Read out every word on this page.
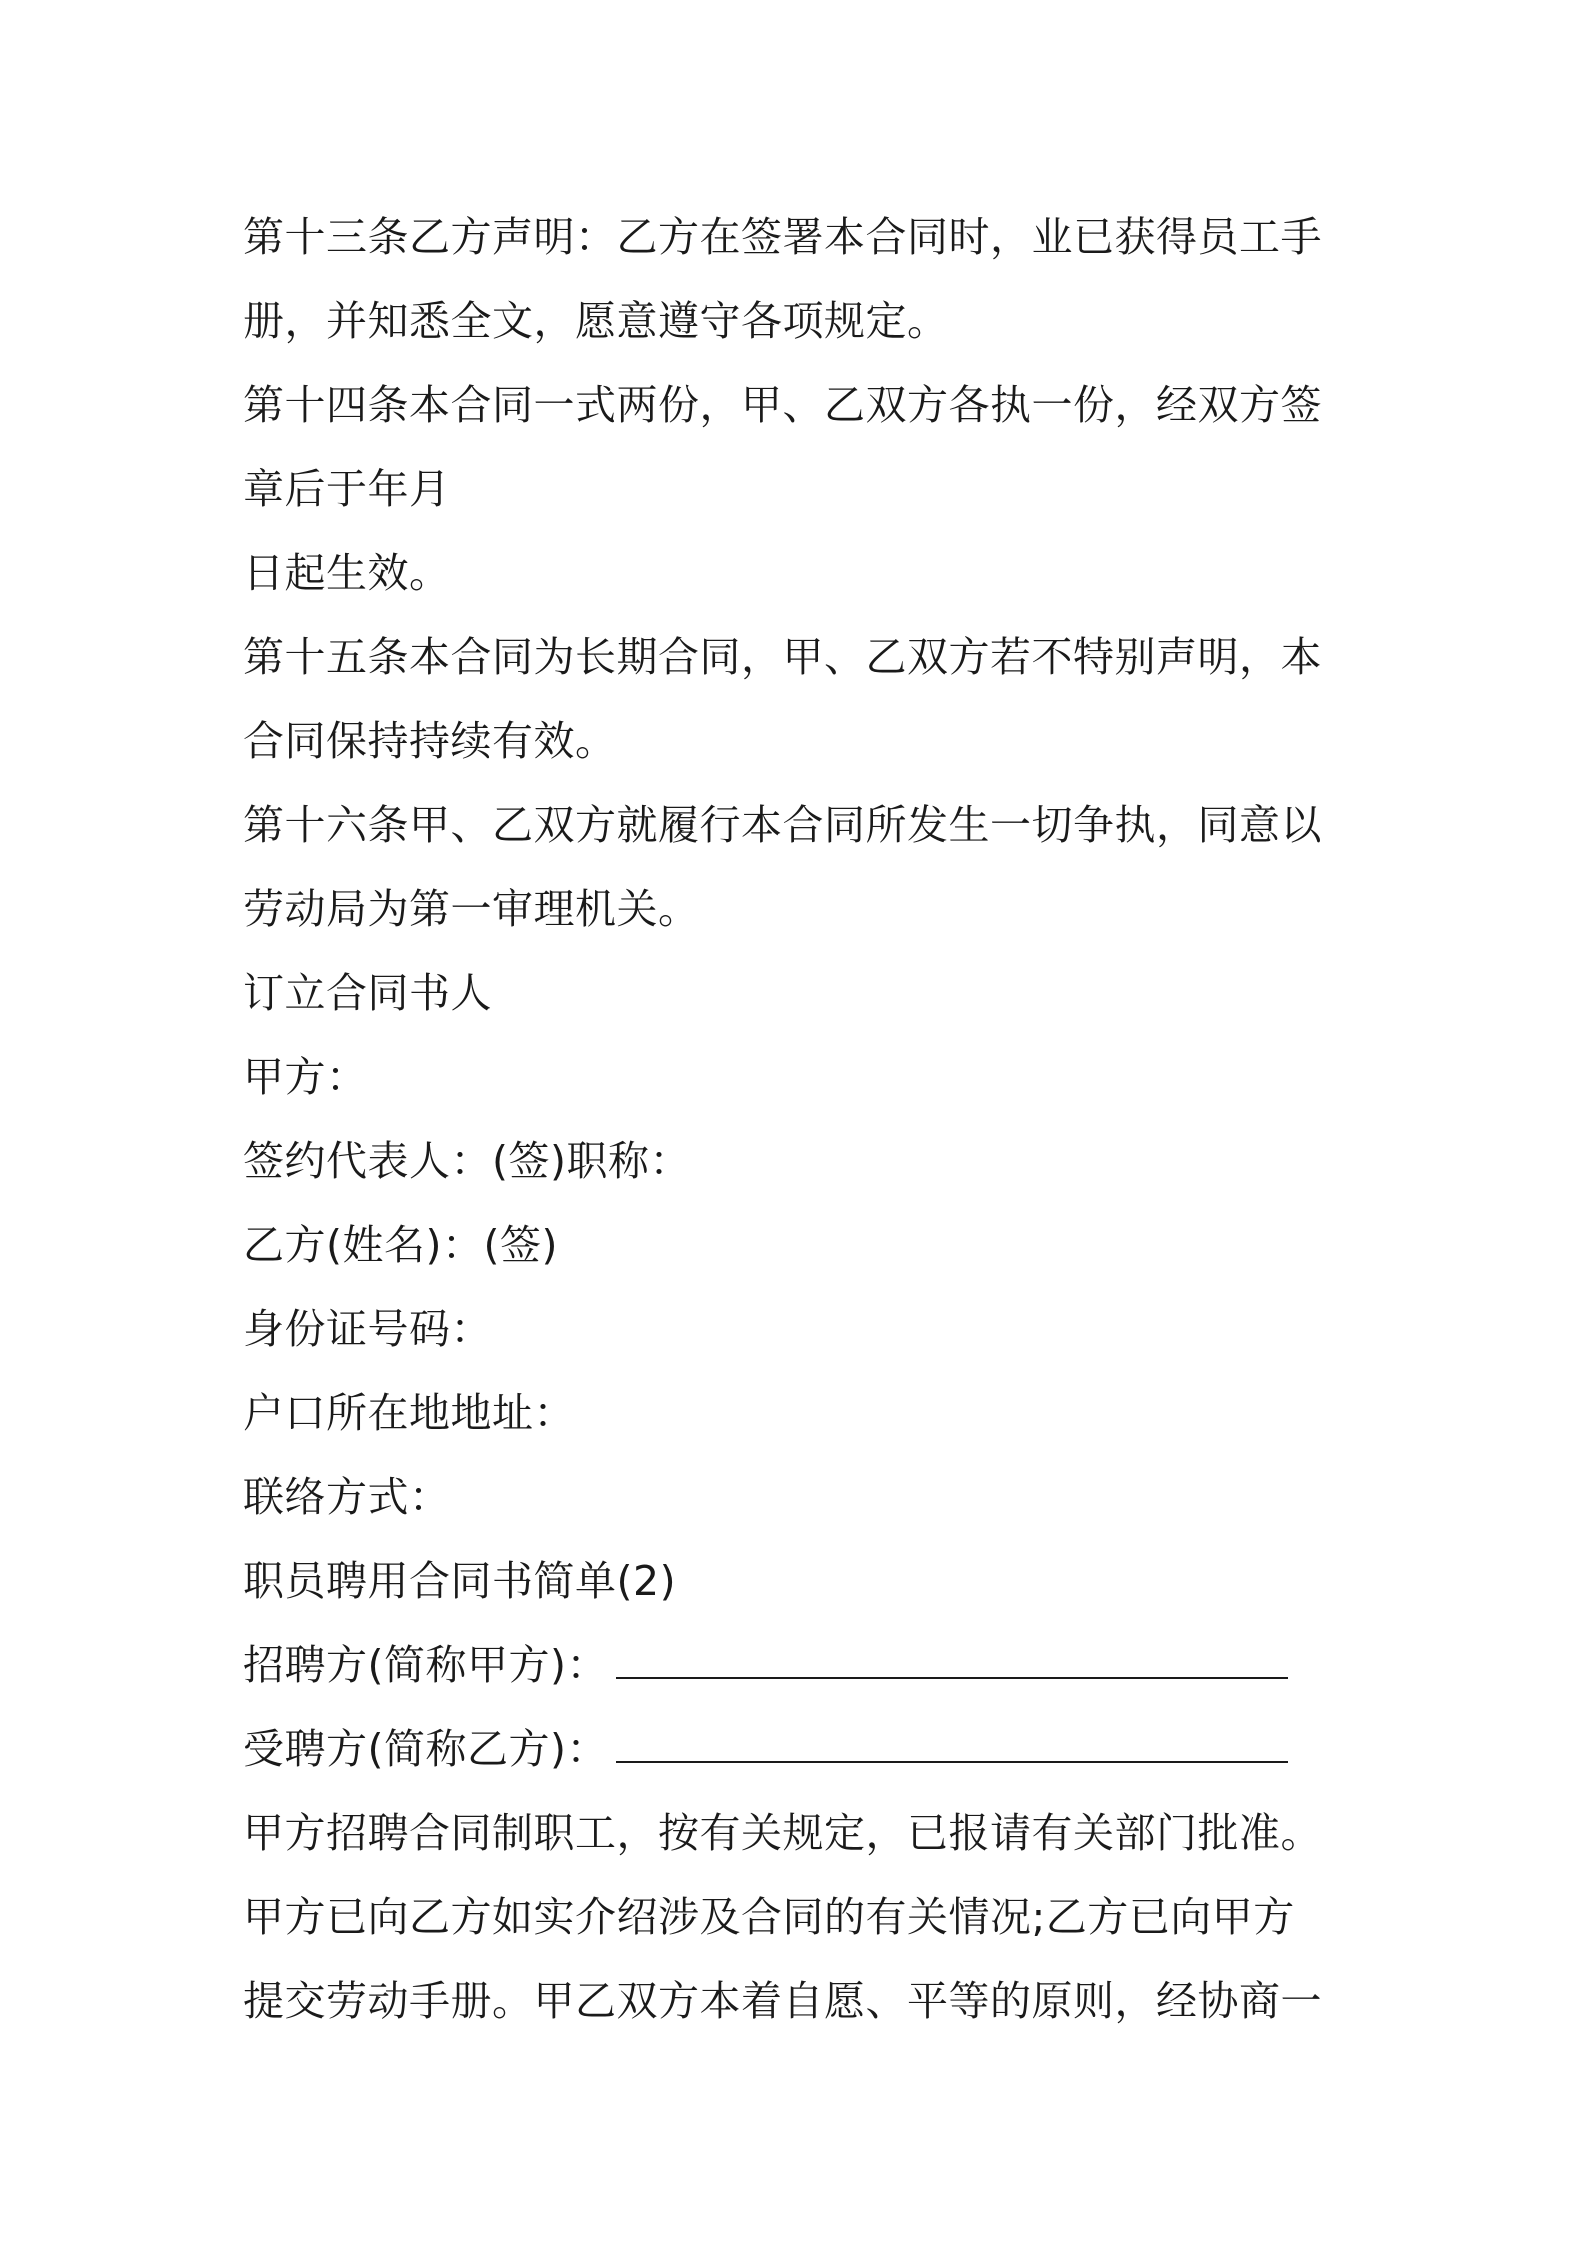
第十三条乙方声明：乙方在签署本合同时，业已获得员工手
册，并知悉全文，愿意遵守各项规定。
第十四条本合同一式两份，甲、乙双方各执一份，经双方签
章后于年月
日起生效。
第十五条本合同为长期合同，甲、乙双方若不特别声明，本
合同保持持续有效。
第十六条甲、乙双方就履行本合同所发生一切争执，同意以
劳动局为第一审理机关。
订立合同书人
甲方：
签约代表人：(签)职称：
乙方(姓名)：(签)
身份证号码：
户口所在地地址：
联络方式：
职员聘用合同书简单(2)
招聘方(简称甲方)：
受聘方(简称乙方)：
甲方招聘合同制职工，按有关规定，已报请有关部门批准。
甲方已向乙方如实介绍涉及合同的有关情况;乙方已向甲方
提交劳动手册。甲乙双方本着自愿、平等的原则，经协商一
